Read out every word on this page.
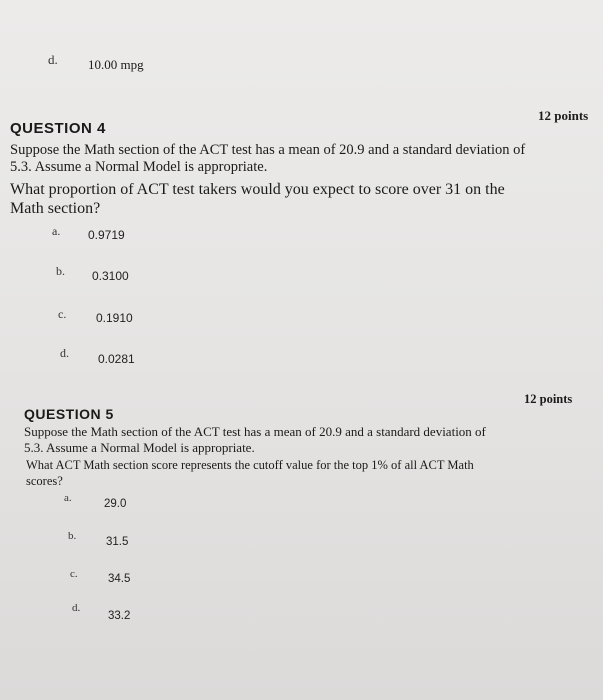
d. 10.00 mpg
12 points
QUESTION 4
Suppose the Math section of the ACT test has a mean of 20.9 and a standard deviation of
5.3. Assume a Normal Model is appropriate.
What proportion of ACT test takers would you expect to score over 31 on the
Math section?
a. 0.9719
b. 0.3100
c. 0.1910
d. 0.0281
12 points
QUESTION 5
Suppose the Math section of the ACT test has a mean of 20.9 and a standard deviation of
5.3. Assume a Normal Model is appropriate.
What ACT Math section score represents the cutoff value for the top 1% of all ACT Math
scores?
a.	29.0
b.	31.5
c.	34.5
d.
33.2
